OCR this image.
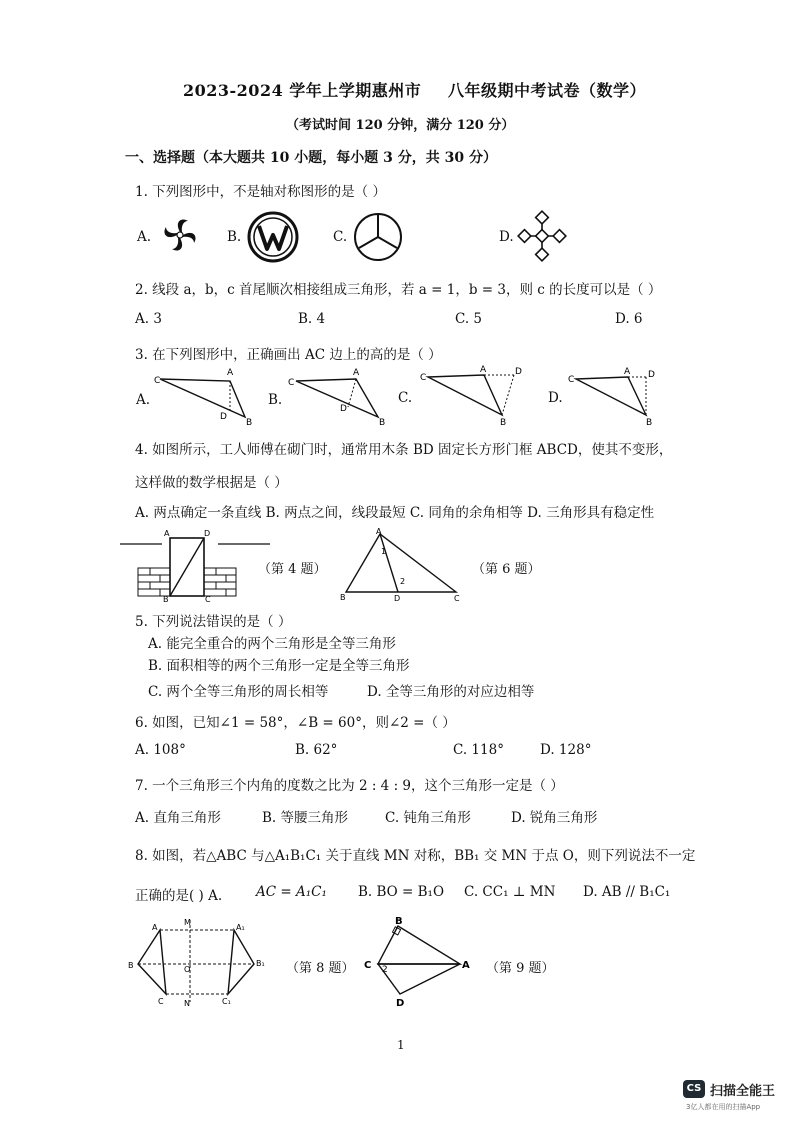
2023-2024 学年上学期惠州市 八年级期中考试卷（数学）
（考试时间 120 分钟，满分 120 分）
一、选择题（本大题共 10 小题，每小题 3 分，共 30 分）
1. 下列图形中，不是轴对称图形的是（ ）
A.	B.	C.	D.
2. 线段 a，b，c 首尾顺次相接组成三角形，若 a = 1，b = 3，则 c 的长度可以是（ ）
A. 3	B. 4	C. 5	D. 6
3. 在下列图形中，正确画出 AC 边上的高的是（ ）
A.	B.	C.	D.
C
A
D
B
C
A
D
B
C
A	D
B
C
A D
B
4. 如图所示，工人师傅在砌门时，通常用木条 BD 固定长方形门框 ABCD，使其不变形，
这样做的数学根据是（ ）
A. 两点确定一条直线 B. 两点之间，线段最短 C. 同角的余角相等 D. 三角形具有稳定性
A	D
B	C
（第 4 题）
A
B	D	C
1
2
（第 6 题）
5. 下列说法错误的是（ ）
A. 能完全重合的两个三角形是全等三角形
B. 面积相等的两个三角形一定是全等三角形
C. 两个全等三角形的周长相等	D. 全等三角形的对应边相等
6. 如图，已知∠1 = 58°，∠B = 60°，则∠2 =（ ）
A. 108°	B. 62°	C. 118°	D. 128°
7. 一个三角形三个内角的度数之比为 2 : 4 : 9，这个三角形一定是（ ）
A. 直角三角形	B. 等腰三角形	C. 钝角三角形	D. 锐角三角形
8. 如图，若△ABC 与△A₁B₁C₁ 关于直线 MN 对称，BB₁ 交 MN 于点 O，则下列说法不一定
正确的是( ) A.	AC = A₁C₁ B. BO = B₁O C. CC₁ ⊥ MN D. AB // B₁C₁
A
M
A₁
B	O
B₁
C	N	C₁
（第 8 题）
B
C 2	A
D
（第 9 题）
1
CS 扫描全能王
3亿人都在用的扫描App
